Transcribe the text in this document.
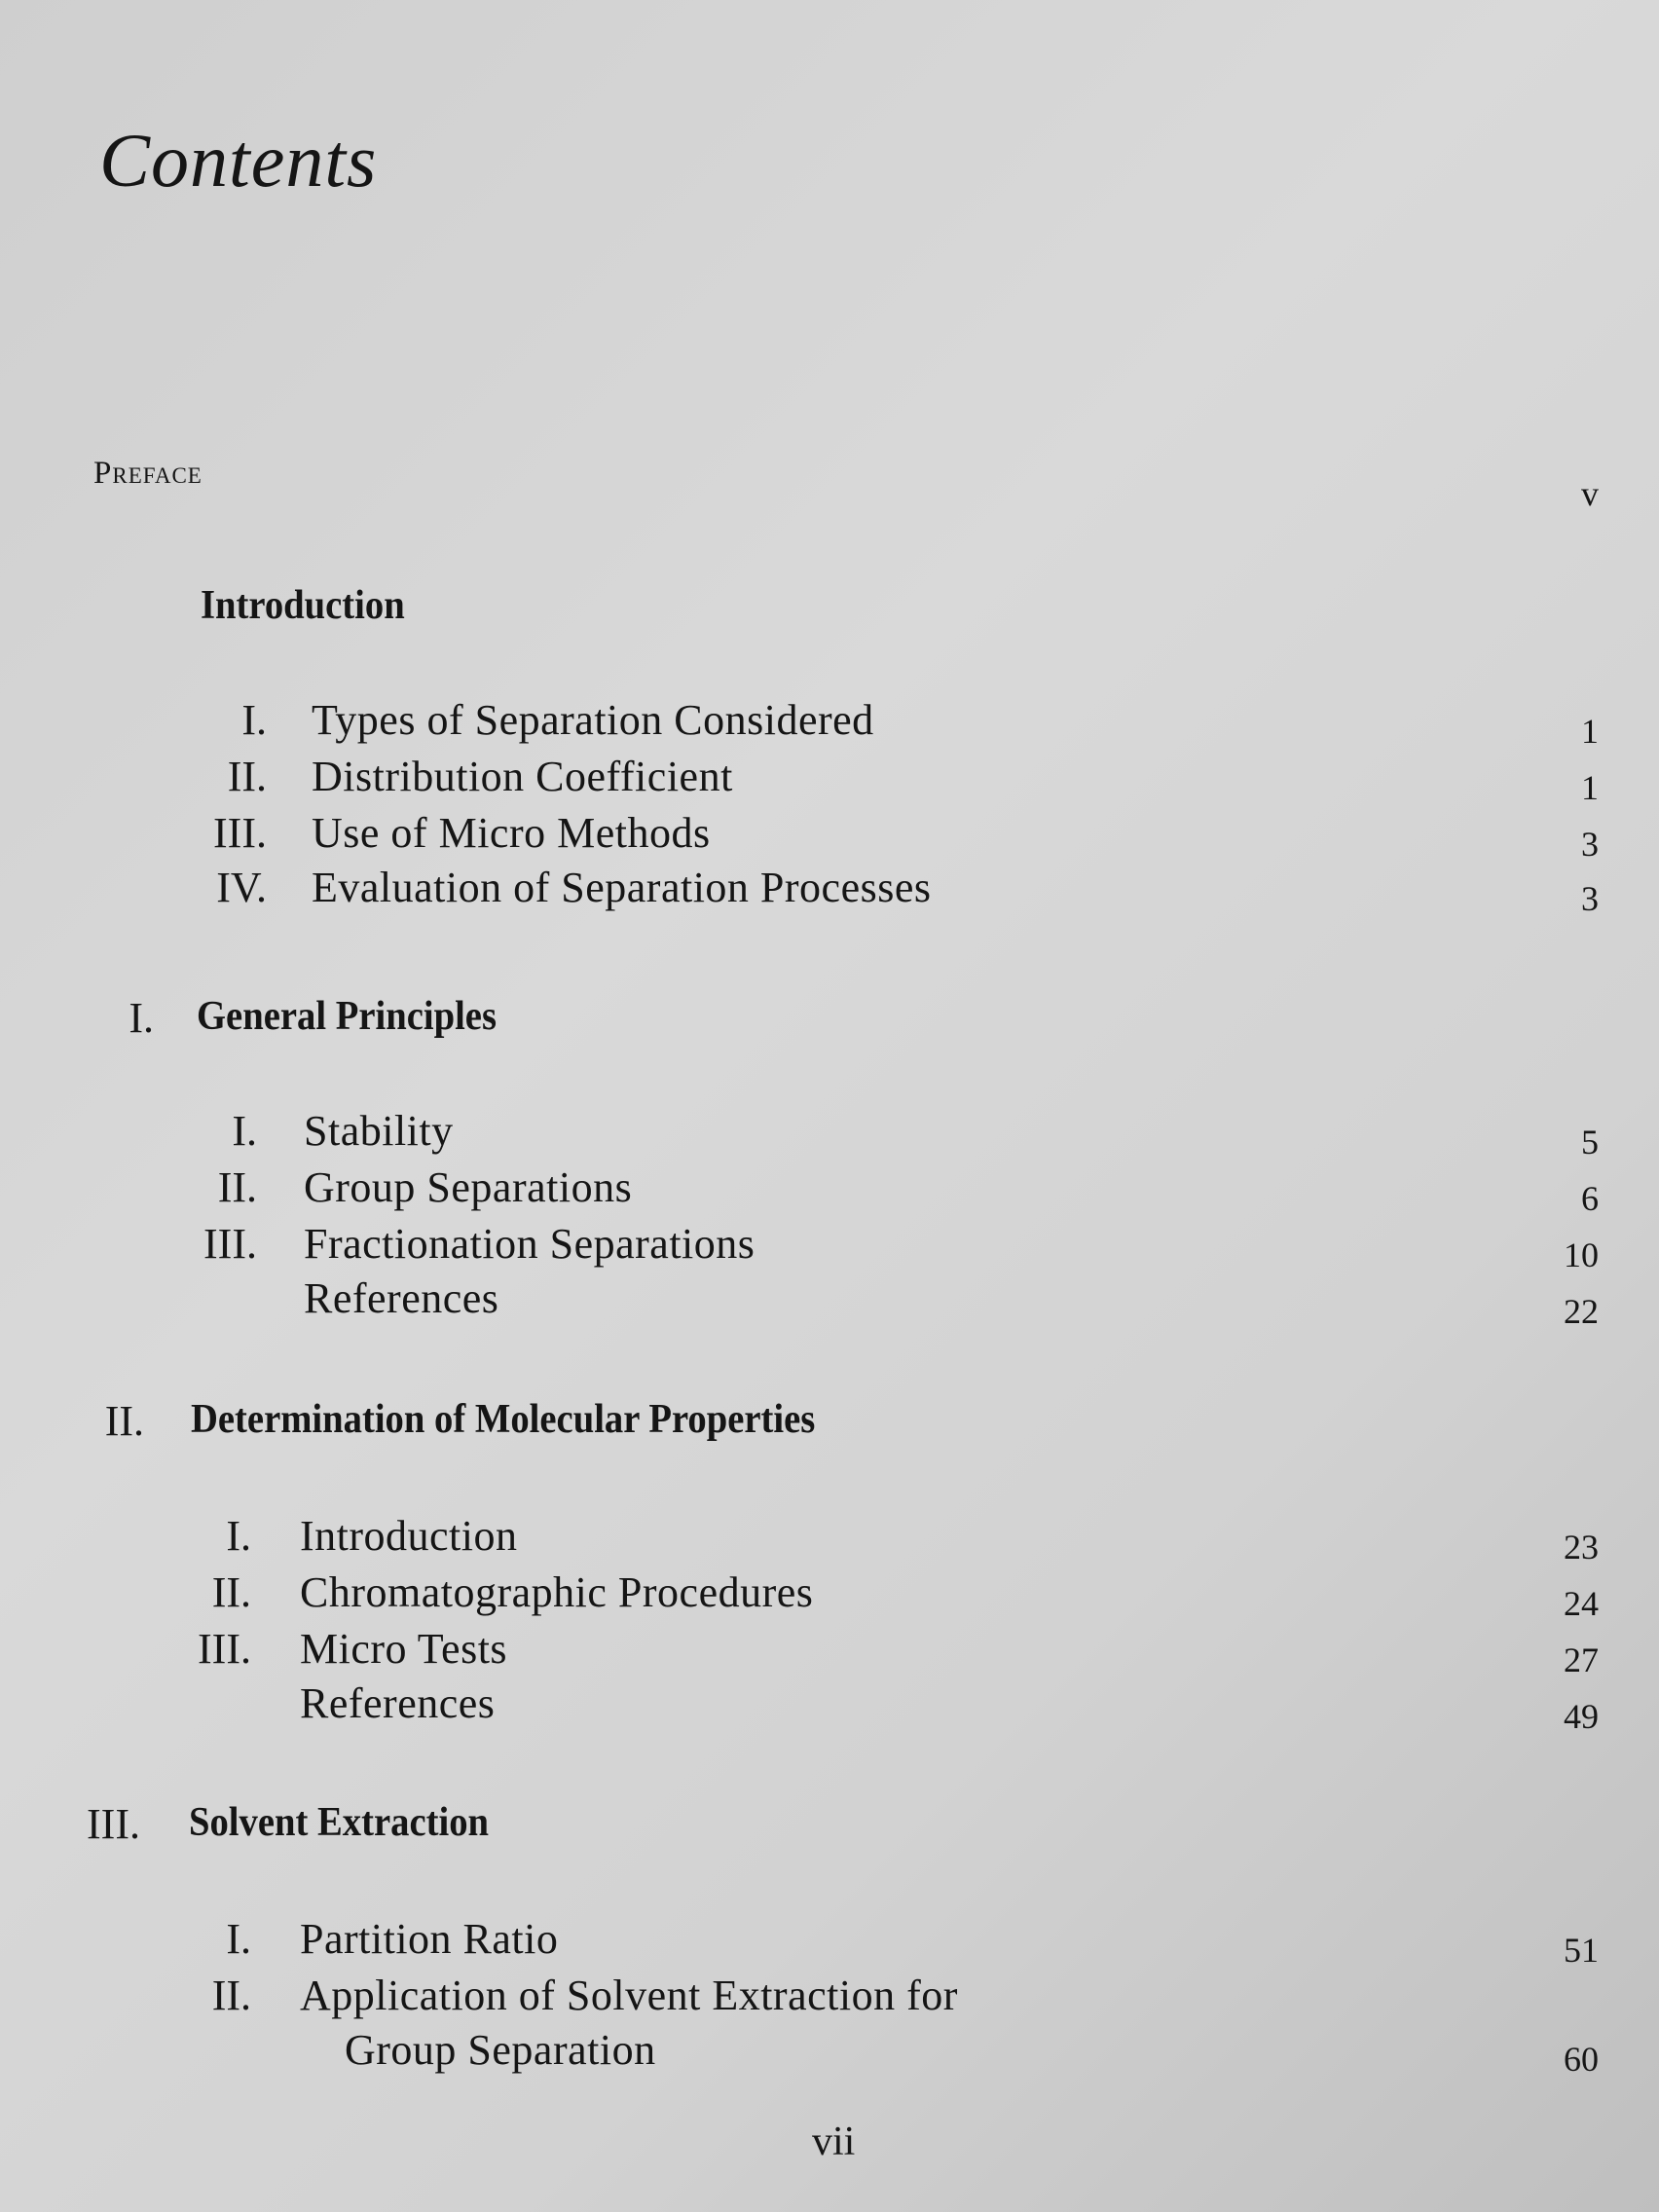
Contents
Preface
v
Introduction
I. Types of Separation Considered	1
II. Distribution Coefficient	1
III. Use of Micro Methods	3
IV. Evaluation of Separation Processes	3
I. General Principles
I. Stability	5
II. Group Separations	6
III. Fractionation Separations	10
References	22
II. Determination of Molecular Properties
I. Introduction	23
II. Chromatographic Procedures	24
III. Micro Tests	27
References	49
III. Solvent Extraction
I. Partition Ratio	51
II. Application of Solvent Extraction for
Group Separation	60
vii
